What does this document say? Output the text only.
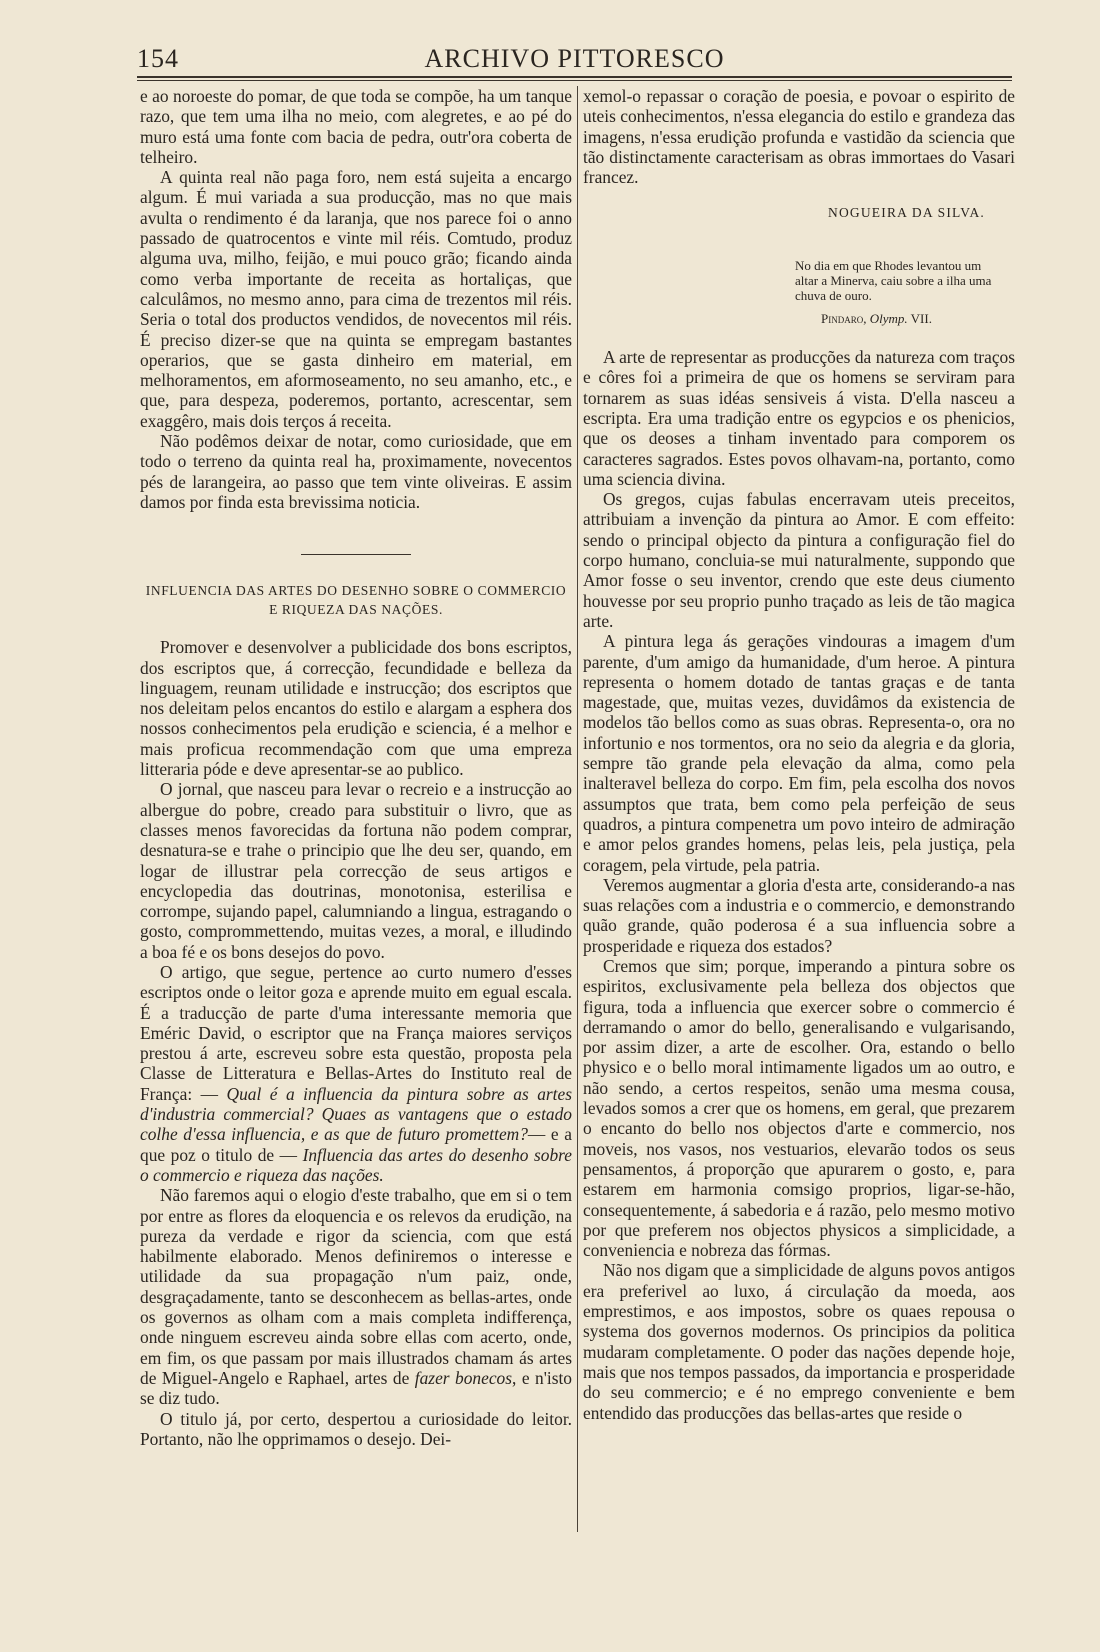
154	ARCHIVO PITTORESCO

e ao noroeste do pomar, de que toda se compõe, ha um tanque razo, que tem uma ilha no meio, com alegretes, e ao pé do muro está uma fonte com bacia de pedra, outr'ora coberta de telheiro.

A quinta real não paga foro, nem está sujeita a encargo algum. É mui variada a sua producção, mas no que mais avulta o rendimento é da laranja, que nos parece foi o anno passado de quatrocentos e vinte mil réis. Comtudo, produz alguma uva, milho, feijão, e mui pouco grão; ficando ainda como verba importante de receita as hortaliças, que calculâmos, no mesmo anno, para cima de trezentos mil réis. Seria o total dos productos vendidos, de novecentos mil réis. É preciso dizer-se que na quinta se empregam bastantes operarios, que se gasta dinheiro em material, em melhoramentos, em aformoseamento, no seu amanho, etc., e que, para despeza, poderemos, portanto, acrescentar, sem exaggêro, mais dois terços á receita.

Não podêmos deixar de notar, como curiosidade, que em todo o terreno da quinta real ha, proximamente, novecentos pés de larangeira, ao passo que tem vinte oliveiras. E assim damos por finda esta brevissima noticia.

INFLUENCIA DAS ARTES DO DESENHO SOBRE O COMMERCIO
E RIQUEZA DAS NAÇÕES.

Promover e desenvolver a publicidade dos bons escriptos, dos escriptos que, á correcção, fecundidade e belleza da linguagem, reunam utilidade e instrucção; dos escriptos que nos deleitam pelos encantos do estilo e alargam a esphera dos nossos conhecimentos pela erudição e sciencia, é a melhor e mais proficua recommendação com que uma empreza litteraria póde e deve apresentar-se ao publico.

O jornal, que nasceu para levar o recreio e a instrucção ao albergue do pobre, creado para substituir o livro, que as classes menos favorecidas da fortuna não podem comprar, desnatura-se e trahe o principio que lhe deu ser, quando, em logar de illustrar pela correcção de seus artigos e encyclopedia das doutrinas, monotonisa, esterilisa e corrompe, sujando papel, calumniando a lingua, estragando o gosto, comprommettendo, muitas vezes, a moral, e illudindo a boa fé e os bons desejos do povo.

O artigo, que segue, pertence ao curto numero d'esses escriptos onde o leitor goza e aprende muito em egual escala. É a traducção de parte d'uma interessante memoria que Eméric David, o escriptor que na França maiores serviços prestou á arte, escreveu sobre esta questão, proposta pela Classe de Litteratura e Bellas-Artes do Instituto real de França: — Qual é a influencia da pintura sobre as artes d'industria commercial? Quaes as vantagens que o estado colhe d'essa influencia, e as que de futuro promettem?— e a que poz o titulo de — Influencia das artes do desenho sobre o commercio e riqueza das nações.

Não faremos aqui o elogio d'este trabalho, que em si o tem por entre as flores da eloquencia e os relevos da erudição, na pureza da verdade e rigor da sciencia, com que está habilmente elaborado. Menos definiremos o interesse e utilidade da sua propagação n'um paiz, onde, desgraçadamente, tanto se desconhecem as bellas-artes, onde os governos as olham com a mais completa indifferença, onde ninguem escreveu ainda sobre ellas com acerto, onde, em fim, os que passam por mais illustrados chamam ás artes de Miguel-Angelo e Raphael, artes de fazer bonecos, e n'isto se diz tudo.

O titulo já, por certo, despertou a curiosidade do leitor. Portanto, não lhe opprimamos o desejo. Dei-

xemol-o repassar o coração de poesia, e povoar o espirito de uteis conhecimentos, n'essa elegancia do estilo e grandeza das imagens, n'essa erudição profunda e vastidão da sciencia que tão distinctamente caracterisam as obras immortaes do Vasari francez.

NOGUEIRA DA SILVA.

No dia em que Rhodes levantou um altar a Minerva, caiu sobre a ilha uma chuva de ouro.

Pindaro, Olymp. VII.

A arte de representar as producções da natureza com traços e côres foi a primeira de que os homens se serviram para tornarem as suas idéas sensiveis á vista. D'ella nasceu a escripta. Era uma tradição entre os egypcios e os phenicios, que os deoses a tinham inventado para comporem os caracteres sagrados. Estes povos olhavam-na, portanto, como uma sciencia divina.

Os gregos, cujas fabulas encerravam uteis preceitos, attribuiam a invenção da pintura ao Amor. E com effeito: sendo o principal objecto da pintura a configuração fiel do corpo humano, concluia-se mui naturalmente, suppondo que Amor fosse o seu inventor, crendo que este deus ciumento houvesse por seu proprio punho traçado as leis de tão magica arte.

A pintura lega ás gerações vindouras a imagem d'um parente, d'um amigo da humanidade, d'um heroe. A pintura representa o homem dotado de tantas graças e de tanta magestade, que, muitas vezes, duvidâmos da existencia de modelos tão bellos como as suas obras. Representa-o, ora no infortunio e nos tormentos, ora no seio da alegria e da gloria, sempre tão grande pela elevação da alma, como pela inalteravel belleza do corpo. Em fim, pela escolha dos novos assumptos que trata, bem como pela perfeição de seus quadros, a pintura compenetra um povo inteiro de admiração e amor pelos grandes homens, pelas leis, pela justiça, pela coragem, pela virtude, pela patria.

Veremos augmentar a gloria d'esta arte, considerando-a nas suas relações com a industria e o commercio, e demonstrando quão grande, quão poderosa é a sua influencia sobre a prosperidade e riqueza dos estados?

Cremos que sim; porque, imperando a pintura sobre os espiritos, exclusivamente pela belleza dos objectos que figura, toda a influencia que exercer sobre o commercio é derramando o amor do bello, generalisando e vulgarisando, por assim dizer, a arte de escolher. Ora, estando o bello physico e o bello moral intimamente ligados um ao outro, e não sendo, a certos respeitos, senão uma mesma cousa, levados somos a crer que os homens, em geral, que prezarem o encanto do bello nos objectos d'arte e commercio, nos moveis, nos vasos, nos vestuarios, elevarão todos os seus pensamentos, á proporção que apurarem o gosto, e, para estarem em harmonia comsigo proprios, ligar-se-hão, consequentemente, á sabedoria e á razão, pelo mesmo motivo por que preferem nos objectos physicos a simplicidade, a conveniencia e nobreza das fórmas.

Não nos digam que a simplicidade de alguns povos antigos era preferivel ao luxo, á circulação da moeda, aos emprestimos, e aos impostos, sobre os quaes repousa o systema dos governos modernos. Os principios da politica mudaram completamente. O poder das nações depende hoje, mais que nos tempos passados, da importancia e prosperidade do seu commercio; e é no emprego conveniente e bem entendido das producções das bellas-artes que reside o
